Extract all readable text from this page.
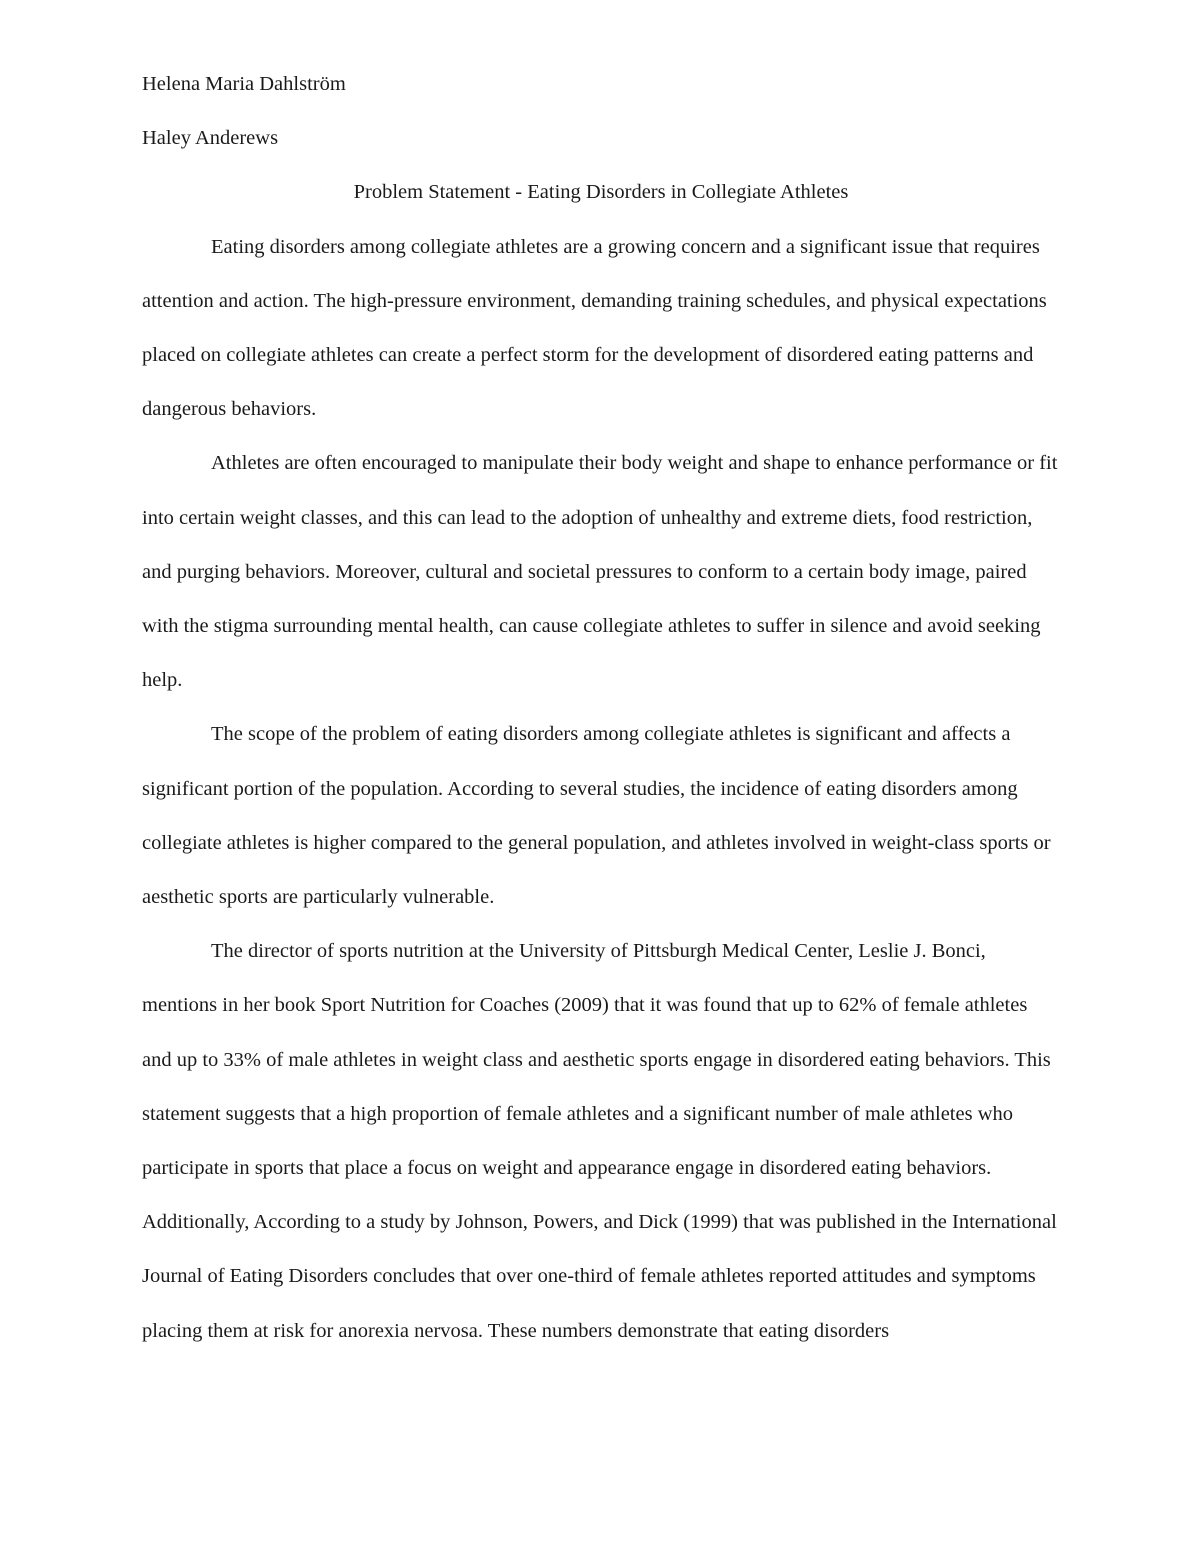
Helena Maria Dahlström

Haley Anderews

Problem Statement - Eating Disorders in Collegiate Athletes

Eating disorders among collegiate athletes are a growing concern and a significant issue that requires attention and action. The high-pressure environment, demanding training schedules, and physical expectations placed on collegiate athletes can create a perfect storm for the development of disordered eating patterns and dangerous behaviors.

Athletes are often encouraged to manipulate their body weight and shape to enhance performance or fit into certain weight classes, and this can lead to the adoption of unhealthy and extreme diets, food restriction, and purging behaviors. Moreover, cultural and societal pressures to conform to a certain body image, paired with the stigma surrounding mental health, can cause collegiate athletes to suffer in silence and avoid seeking help.

The scope of the problem of eating disorders among collegiate athletes is significant and affects a significant portion of the population. According to several studies, the incidence of eating disorders among collegiate athletes is higher compared to the general population, and athletes involved in weight-class sports or aesthetic sports are particularly vulnerable.

The director of sports nutrition at the University of Pittsburgh Medical Center, Leslie J. Bonci, mentions in her book Sport Nutrition for Coaches (2009) that it was found that up to 62% of female athletes and up to 33% of male athletes in weight class and aesthetic sports engage in disordered eating behaviors. This statement suggests that a high proportion of female athletes and a significant number of male athletes who participate in sports that place a focus on weight and appearance engage in disordered eating behaviors. Additionally, According to a study by Johnson, Powers, and Dick (1999) that was published in the International Journal of Eating Disorders concludes that over one-third of female athletes reported attitudes and symptoms placing them at risk for anorexia nervosa. These numbers demonstrate that eating disorders
